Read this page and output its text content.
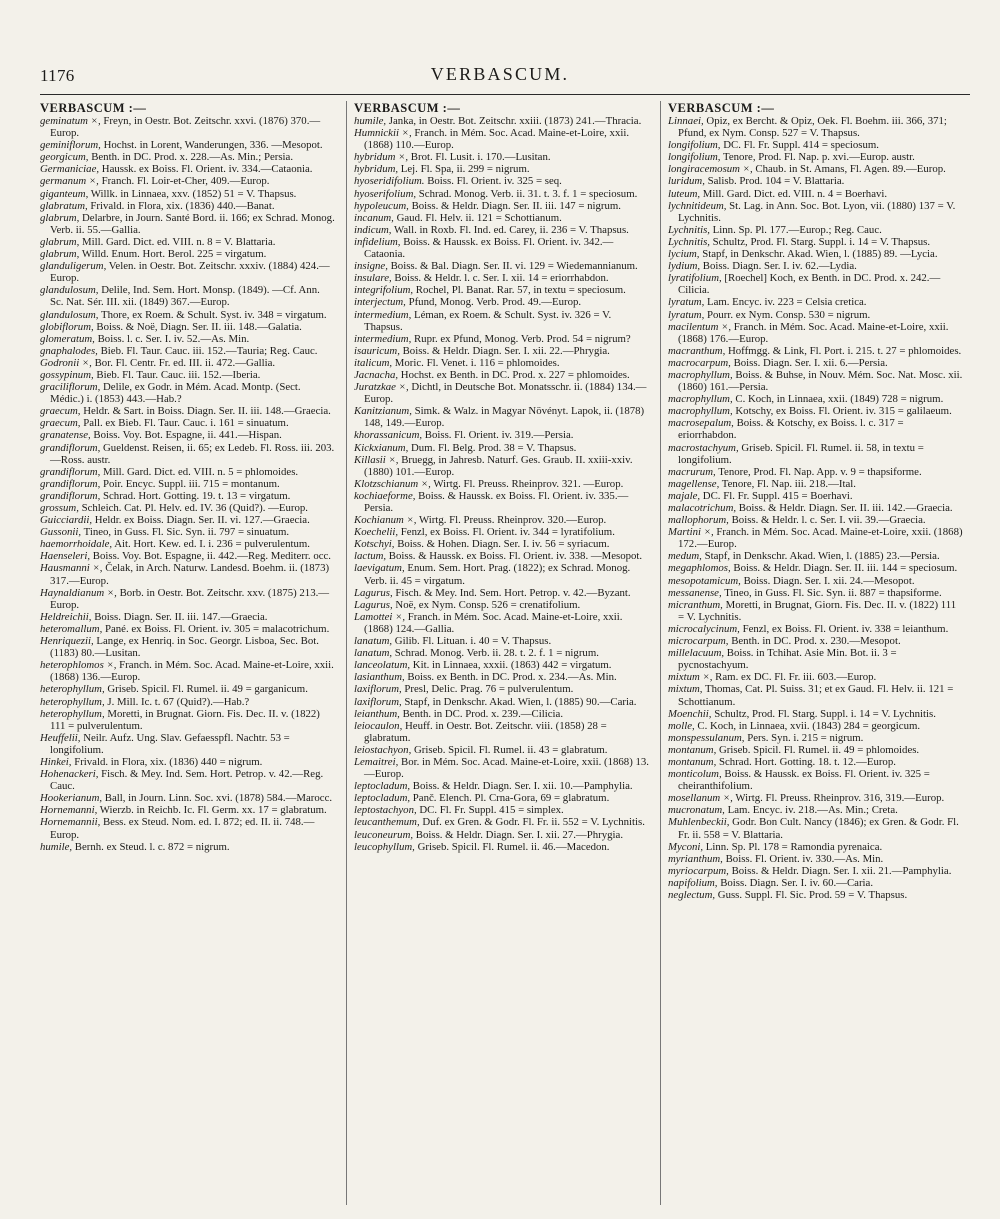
1176	VERBASCUM.
VERBASCUM :—
geminatum ×, Freyn, in Oestr. Bot. Zeitschr. xxvi. (1876) 370.—Europ.
geminiflorum, Hochst. in Lorent, Wanderungen, 336. —Mesopot.
georgicum, Benth. in DC. Prod. x. 228.—As. Min.; Persia.
Germaniciae, Haussk. ex Boiss. Fl. Orient. iv. 334.—Cataonia.
germanum ×, Franch. Fl. Loir-et-Cher, 409.—Europ.
giganteum, Willk. in Linnaea, xxv. (1852) 51 = V. Thapsus.
glabratum, Frivald. in Flora, xix. (1836) 440.—Banat.
glabrum, Delarbre, in Journ. Santé Bord. ii. 166; ex Schrad. Monog. Verb. ii. 55.—Gallia.
glabrum, Mill. Gard. Dict. ed. VIII. n. 8 = V. Blattaria.
glabrum, Willd. Enum. Hort. Berol. 225 = virgatum.
glanduligerum, Velen. in Oestr. Bot. Zeitschr. xxxiv. (1884) 424.—Europ.
glandulosum, Delile, Ind. Sem. Hort. Monsp. (1849). —Cf. Ann. Sc. Nat. Sér. III. xii. (1849) 367.—Europ.
glandulosum, Thore, ex Roem. & Schult. Syst. iv. 348 = virgatum.
globiflorum, Boiss. & Noë, Diagn. Ser. II. iii. 148.—Galatia.
glomeratum, Boiss. l. c. Ser. I. iv. 52.—As. Min.
gnaphalodes, Bieb. Fl. Taur. Cauc. iii. 152.—Tauria; Reg. Cauc.
Godronii ×, Bor. Fl. Centr. Fr. ed. III. ii. 472.—Gallia.
gossypinum, Bieb. Fl. Taur. Cauc. iii. 152.—Iberia.
graciliflorum, Delile, ex Godr. in Mém. Acad. Montp. (Sect. Médic.) i. (1853) 443.—Hab.?
graecum, Heldr. & Sart. in Boiss. Diagn. Ser. II. iii. 148.—Graecia.
graecum, Pall. ex Bieb. Fl. Taur. Cauc. i. 161 = sinuatum.
granatense, Boiss. Voy. Bot. Espagne, ii. 441.—Hispan.
grandiflorum, Gueldenst. Reisen, ii. 65; ex Ledeb. Fl. Ross. iii. 203.—Ross. austr.
grandiflorum, Mill. Gard. Dict. ed. VIII. n. 5 = phlomoides.
grandiflorum, Poir. Encyc. Suppl. iii. 715 = montanum.
grandiflorum, Schrad. Hort. Gotting. 19. t. 13 = virgatum.
grossum, Schleich. Cat. Pl. Helv. ed. IV. 36 (Quid?). —Europ.
Guicciardii, Heldr. ex Boiss. Diagn. Ser. II. vi. 127.—Graecia.
Gussonii, Tineo, in Guss. Fl. Sic. Syn. ii. 797 = sinuatum.
haemorrhoidale, Ait. Hort. Kew. ed. I. i. 236 = pulverulentum.
Haenseleri, Boiss. Voy. Bot. Espagne, ii. 442.—Reg. Mediterr. occ.
Hausmanni ×, Čelak, in Arch. Naturw. Landesd. Boehm. ii. (1873) 317.—Europ.
Haynaldianum ×, Borb. in Oestr. Bot. Zeitschr. xxv. (1875) 213.—Europ.
Heldreichii, Boiss. Diagn. Ser. II. iii. 147.—Graecia.
heteromallum, Pané. ex Boiss. Fl. Orient. iv. 305 = malacotrichum.
Henriquezii, Lange, ex Henriq. in Soc. Georgr. Lisboa, Sec. Bot. (1183) 80.—Lusitan.
heterophlomos ×, Franch. in Mém. Soc. Acad. Maine-et-Loire, xxii. (1868) 136.—Europ.
heterophyllum, Griseb. Spicil. Fl. Rumel. ii. 49 = garganicum.
heterophyllum, J. Mill. Ic. t. 67 (Quid?).—Hab.?
heterophyllum, Moretti, in Brugnat. Giorn. Fis. Dec. II. v. (1822) 111 = pulverulentum.
Heuffelii, Neilr. Aufz. Ung. Slav. Gefaesspfl. Nachtr. 53 = longifolium.
Hinkei, Frivald. in Flora, xix. (1836) 440 = nigrum.
Hohenackeri, Fisch. & Mey. Ind. Sem. Hort. Petrop. v. 42.—Reg. Cauc.
Hookerianum, Ball, in Journ. Linn. Soc. xvi. (1878) 584.—Marocc.
Hornemanni, Wierzb. in Reichb. Ic. Fl. Germ. xx. 17 = glabratum.
Hornemannii, Bess. ex Steud. Nom. ed. I. 872; ed. II. ii. 748.—Europ.
humile, Bernh. ex Steud. l. c. 872 = nigrum.
VERBASCUM :—
humile, Janka, in Oestr. Bot. Zeitschr. xxiii. (1873) 241.—Thracia.
Humnickii ×, Franch. in Mém. Soc. Acad. Maine-et-Loire, xxii. (1868) 110.—Europ.
hybridum ×, Brot. Fl. Lusit. i. 170.—Lusitan.
hybridum, Lej. Fl. Spa, ii. 299 = nigrum.
hyoseridifolium. Boiss. Fl. Orient. iv. 325 = seq.
hyoserifolium, Schrad. Monog. Verb. ii. 31. t. 3. f. 1 = speciosum.
hypoleucum, Boiss. & Heldr. Diagn. Ser. II. iii. 147 = nigrum.
incanum, Gaud. Fl. Helv. ii. 121 = Schottianum.
indicum, Wall. in Roxb. Fl. Ind. ed. Carey, ii. 236 = V. Thapsus.
infidelium, Boiss. & Haussk. ex Boiss. Fl. Orient. iv. 342.—Cataonia.
insigne, Boiss. & Bal. Diagn. Ser. II. vi. 129 = Wiedemannianum.
insulare, Boiss. & Heldr. l. c. Ser. I. xii. 14 = eriorrhabdon.
integrifolium, Rochel, Pl. Banat. Rar. 57, in textu = speciosum.
interjectum, Pfund, Monog. Verb. Prod. 49.—Europ.
intermedium, Léman, ex Roem. & Schult. Syst. iv. 326 = V. Thapsus.
intermedium, Rupr. ex Pfund, Monog. Verb. Prod. 54 = nigrum?
isauricum, Boiss. & Heldr. Diagn. Ser. I. xii. 22.—Phrygia.
italicum, Moric. Fl. Venet. i. 116 = phlomoides.
Jacnacha, Hochst. ex Benth. in DC. Prod. x. 227 = phlomoides.
Juratzkae ×, Dichtl, in Deutsche Bot. Monatsschr. ii. (1884) 134.—Europ.
Kanitzianum, Simk. & Walz. in Magyar Növényt. Lapok, ii. (1878) 148, 149.—Europ.
khorassanicum, Boiss. Fl. Orient. iv. 319.—Persia.
Kickxianum, Dum. Fl. Belg. Prod. 38 = V. Thapsus.
Killasii ×, Bruegg, in Jahresb. Naturf. Ges. Graub. II. xxiii-xxiv. (1880) 101.—Europ.
Klotzschianum ×, Wirtg. Fl. Preuss. Rheinprov. 321. —Europ.
kochiaeforme, Boiss. & Haussk. ex Boiss. Fl. Orient. iv. 335.—Persia.
Kochianum ×, Wirtg. Fl. Preuss. Rheinprov. 320.—Europ.
Koechelii, Fenzl, ex Boiss. Fl. Orient. iv. 344 = lyratifolium.
Kotschyi, Boiss. & Hohen. Diagn. Ser. I. iv. 56 = syriacum.
lactum, Boiss. & Haussk. ex Boiss. Fl. Orient. iv. 338. —Mesopot.
laevigatum, Enum. Sem. Hort. Prag. (1822); ex Schrad. Monog. Verb. ii. 45 = virgatum.
Lagurus, Fisch. & Mey. Ind. Sem. Hort. Petrop. v. 42.—Byzant.
Lagurus, Noë, ex Nym. Consp. 526 = crenatifolium.
Lamottei ×, Franch. in Mém. Soc. Acad. Maine-et-Loire, xxii. (1868) 124.—Gallia.
lanatum, Gilib. Fl. Lituan. i. 40 = V. Thapsus.
lanatum, Schrad. Monog. Verb. ii. 28. t. 2. f. 1 = nigrum.
lanceolatum, Kit. in Linnaea, xxxii. (1863) 442 = virgatum.
lasianthum, Boiss. ex Benth. in DC. Prod. x. 234.—As. Min.
laxiflorum, Presl, Delic. Prag. 76 = pulverulentum.
laxiflorum, Stapf, in Denkschr. Akad. Wien, l. (1885) 90.—Caria.
leianthum, Benth. in DC. Prod. x. 239.—Cilicia.
leiocaulon, Heuff. in Oestr. Bot. Zeitschr. viii. (1858) 28 = glabratum.
leiostachyon, Griseb. Spicil. Fl. Rumel. ii. 43 = glabratum.
Lemaitrei, Bor. in Mém. Soc. Acad. Maine-et-Loire, xxii. (1868) 13.—Europ.
leptocladum, Boiss. & Heldr. Diagn. Ser. I. xii. 10.—Pamphylia.
leptocladum, Panč. Elench. Pl. Crna-Gora, 69 = glabratum.
leptostachyon, DC. Fl. Fr. Suppl. 415 = simplex.
leucanthemum, Duf. ex Gren. & Godr. Fl. Fr. ii. 552 = V. Lychnitis.
leuconeurum, Boiss. & Heldr. Diagn. Ser. I. xii. 27.—Phrygia.
leucophyllum, Griseb. Spicil. Fl. Rumel. ii. 46.—Macedon.
VERBASCUM :—
Linnaei, Opiz, ex Bercht. & Opiz, Oek. Fl. Boehm. iii. 366, 371; Pfund, ex Nym. Consp. 527 = V. Thapsus.
longifolium, DC. Fl. Fr. Suppl. 414 = speciosum.
longifolium, Tenore, Prod. Fl. Nap. p. xvi.—Europ. austr.
longiracemosum ×, Chaub. in St. Amans, Fl. Agen. 89.—Europ.
luridum, Salisb. Prod. 104 = V. Blattaria.
luteum, Mill. Gard. Dict. ed. VIII. n. 4 = Boerhavi.
lychnitideum, St. Lag. in Ann. Soc. Bot. Lyon, vii. (1880) 137 = V. Lychnitis.
Lychnitis, Linn. Sp. Pl. 177.—Europ.; Reg. Cauc.
Lychnitis, Schultz, Prod. Fl. Starg. Suppl. i. 14 = V. Thapsus.
lycium, Stapf, in Denkschr. Akad. Wien, l. (1885) 89. —Lycia.
lydium, Boiss. Diagn. Ser. I. iv. 62.—Lydia.
lyratifolium, [Roechel] Koch, ex Benth. in DC. Prod. x. 242.—Cilicia.
lyratum, Lam. Encyc. iv. 223 = Celsia cretica.
lyratum, Pourr. ex Nym. Consp. 530 = nigrum.
macilentum ×, Franch. in Mém. Soc. Acad. Maine-et-Loire, xxii. (1868) 176.—Europ.
macranthum, Hoffmgg. & Link, Fl. Port. i. 215. t. 27 = phlomoides.
macrocarpum, Boiss. Diagn. Ser. I. xii. 6.—Persia.
macrophyllum, Boiss. & Buhse, in Nouv. Mém. Soc. Nat. Mosc. xii. (1860) 161.—Persia.
macrophyllum, C. Koch, in Linnaea, xxii. (1849) 728 = nigrum.
macrophyllum, Kotschy, ex Boiss. Fl. Orient. iv. 315 = galilaeum.
macrosepalum, Boiss. & Kotschy, ex Boiss. l. c. 317 = eriorrhabdon.
macrostachyum, Griseb. Spicil. Fl. Rumel. ii. 58, in textu = longifolium.
macrurum, Tenore, Prod. Fl. Nap. App. v. 9 = thapsiforme.
magellense, Tenore, Fl. Nap. iii. 218.—Ital.
majale, DC. Fl. Fr. Suppl. 415 = Boerhavi.
malacotrichum, Boiss. & Heldr. Diagn. Ser. II. iii. 142.—Graecia.
mallophorum, Boiss. & Heldr. l. c. Ser. I. vii. 39.—Graecia.
Martini ×, Franch. in Mém. Soc. Acad. Maine-et-Loire, xxii. (1868) 172.—Europ.
medum, Stapf, in Denkschr. Akad. Wien, l. (1885) 23.—Persia.
megaphlomos, Boiss. & Heldr. Diagn. Ser. II. iii. 144 = speciosum.
mesopotamicum, Boiss. Diagn. Ser. I. xii. 24.—Mesopot.
messanense, Tineo, in Guss. Fl. Sic. Syn. ii. 887 = thapsiforme.
micranthum, Moretti, in Brugnat, Giorn. Fis. Dec. II. v. (1822) 111 = V. Lychnitis.
microcalycinum, Fenzl, ex Boiss. Fl. Orient. iv. 338 = leianthum.
microcarpum, Benth. in DC. Prod. x. 230.—Mesopot.
millelacuum, Boiss. in Tchihat. Asie Min. Bot. ii. 3 = pycnostachyum.
mixtum ×, Ram. ex DC. Fl. Fr. iii. 603.—Europ.
mixtum, Thomas, Cat. Pl. Suiss. 31; et ex Gaud. Fl. Helv. ii. 121 = Schottianum.
Moenchii, Schultz, Prod. Fl. Starg. Suppl. i. 14 = V. Lychnitis.
molle, C. Koch, in Linnaea, xvii. (1843) 284 = georgicum.
monspessulanum, Pers. Syn. i. 215 = nigrum.
montanum, Griseb. Spicil. Fl. Rumel. ii. 49 = phlomoides.
montanum, Schrad. Hort. Gotting. 18. t. 12.—Europ.
monticolum, Boiss. & Haussk. ex Boiss. Fl. Orient. iv. 325 = cheiranthifolium.
mosellanum ×, Wirtg. Fl. Preuss. Rheinprov. 316, 319.—Europ.
mucronatum, Lam. Encyc. iv. 218.—As. Min.; Creta.
Muhlenbeckii, Godr. Bon Cult. Nancy (1846); ex Gren. & Godr. Fl. Fr. ii. 558 = V. Blattaria.
Myconi, Linn. Sp. Pl. 178 = Ramondia pyrenaica.
myrianthum, Boiss. Fl. Orient. iv. 330.—As. Min.
myriocarpum, Boiss. & Heldr. Diagn. Ser. I. xii. 21.—Pamphylia.
napifolium, Boiss. Diagn. Ser. I. iv. 60.—Caria.
neglectum, Guss. Suppl. Fl. Sic. Prod. 59 = V. Thapsus.
